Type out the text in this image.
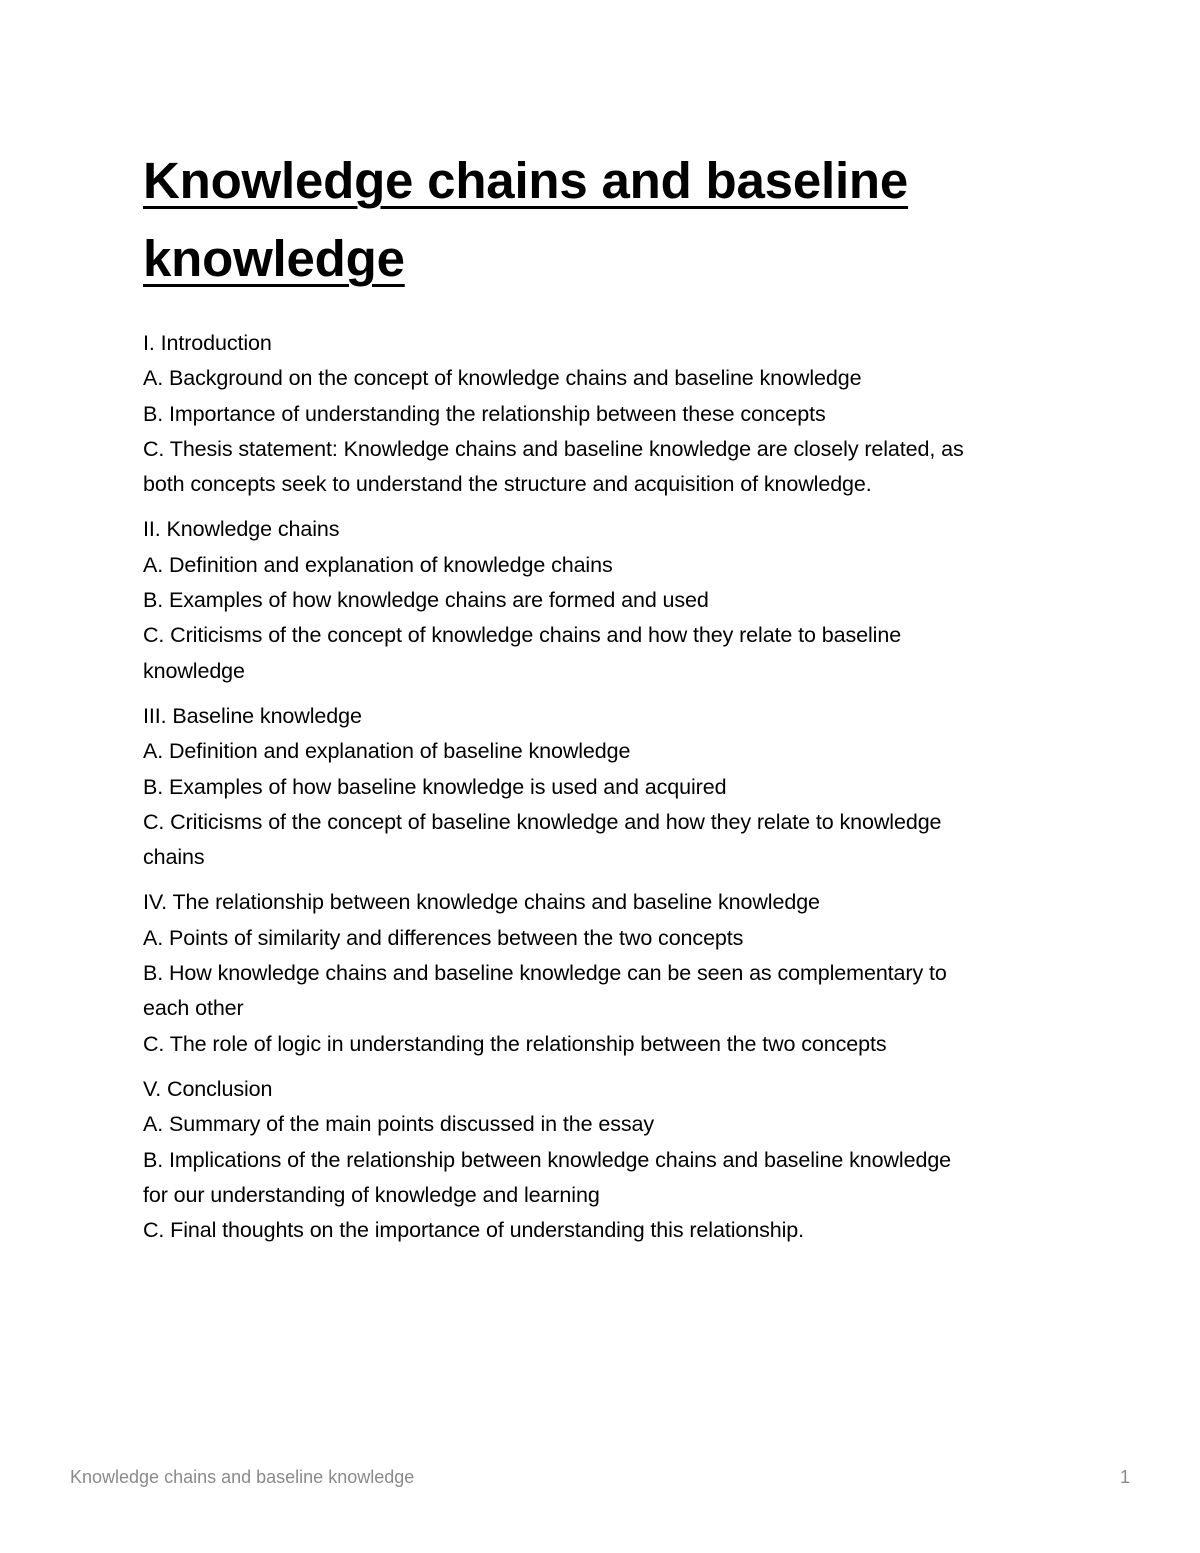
Knowledge chains and baseline
knowledge
I. Introduction
A. Background on the concept of knowledge chains and baseline knowledge
B. Importance of understanding the relationship between these concepts
C. Thesis statement: Knowledge chains and baseline knowledge are closely related, as
both concepts seek to understand the structure and acquisition of knowledge.
II. Knowledge chains
A. Definition and explanation of knowledge chains
B. Examples of how knowledge chains are formed and used
C. Criticisms of the concept of knowledge chains and how they relate to baseline
knowledge
III. Baseline knowledge
A. Definition and explanation of baseline knowledge
B. Examples of how baseline knowledge is used and acquired
C. Criticisms of the concept of baseline knowledge and how they relate to knowledge
chains
IV. The relationship between knowledge chains and baseline knowledge
A. Points of similarity and differences between the two concepts
B. How knowledge chains and baseline knowledge can be seen as complementary to
each other
C. The role of logic in understanding the relationship between the two concepts
V. Conclusion
A. Summary of the main points discussed in the essay
B. Implications of the relationship between knowledge chains and baseline knowledge
for our understanding of knowledge and learning
C. Final thoughts on the importance of understanding this relationship.
Knowledge chains and baseline knowledge	1
